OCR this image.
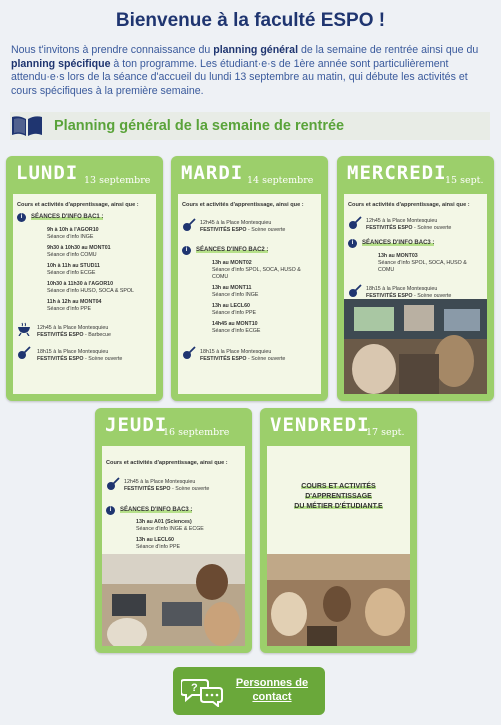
Bienvenue à la faculté ESPO !
Nous t'invitons à prendre connaissance du planning général de la semaine de rentrée ainsi que du planning spécifique à ton programme. Les étudiant·e·s de 1ère année sont particulièrement attendu·e·s lors de la séance d'accueil du lundi 13 septembre au matin, qui débute les activités et cours spécifiques à la première semaine.
Planning général de la semaine de rentrée
LUNDI 13 septembre
Cours et activités d'apprentissage, ainsi que :
i	SÉANCES D'INFO BAC1 :
9h à 10h à l'AGOR10
Séance d'info INGE
9h30 à 10h30 au MONT01
Séance d'info COMU
10h à 11h au STUD11
Séance d'info ECGE
10h30 à 11h30 à l'AGOR10
Séance d'info HUSO, SOCA & SPOL
11h à 12h au MONT04
Séance d'info PPE
12h45 à la Place Montesquieu
FESTIVITÉS ESPO - Barbecue
18h15 à la Place Montesquieu
FESTIVITÉS ESPO - Scène ouverte
MARDI 14 septembre
Cours et activités d'apprentissage, ainsi que :
12h45 à la Place Montesquieu
FESTIVITÉS ESPO - Scène ouverte
i	SÉANCES D'INFO BAC2 :
13h au MONT02
Séance d'info SPOL, SOCA, HUSO & COMU
13h au MONT11
Séance d'info INGE
13h au LECL60
Séance d'info PPE
14h45 au MONT10
Séance d'info ECGE
18h15 à la Place Montesquieu
FESTIVITÉS ESPO - Scène ouverte
MERCREDI
15 sept.
Cours et activités d'apprentissage, ainsi que :
12h45 à la Place Montesquieu
FESTIVITÉS ESPO - Scène ouverte
i	SÉANCES D'INFO BAC3 :
13h au MONT03
Séance d'info SPOL, SOCA, HUSO & COMU
18h15 à la Place Montesquieu
FESTIVITÉS ESPO - Scène ouverte
JEUDI
16 septembre
Cours et activités d'apprentissage, ainsi que :
12h45 à la Place Montesquieu
FESTIVITÉS ESPO - Scène ouverte
i	SÉANCES D'INFO BAC3 :
13h au A01 (Sciences)
Séance d'info INGE & ECGE
13h au LECL60
Séance d'info PPE
VENDREDI
17 sept.
COURS ET ACTIVITÉS
D'APPRENTISSAGE
DU MÉTIER D'ÉTUDIANT.E
?	Personnes de
contact
